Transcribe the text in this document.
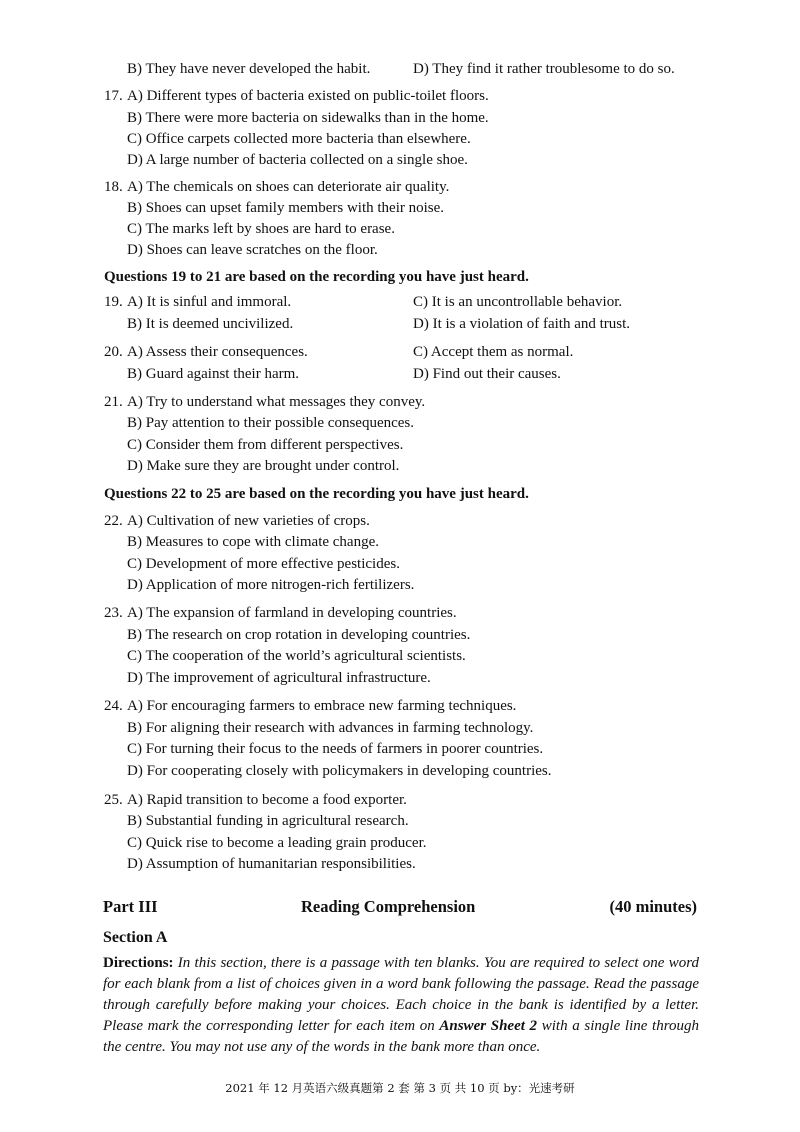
B) They have never developed the habit.	D) They find it rather troublesome to do so.
17. A) Different types of bacteria existed on public-toilet floors.
B) There were more bacteria on sidewalks than in the home.
C) Office carpets collected more bacteria than elsewhere.
D) A large number of bacteria collected on a single shoe.
18. A) The chemicals on shoes can deteriorate air quality.
B) Shoes can upset family members with their noise.
C) The marks left by shoes are hard to erase.
D) Shoes can leave scratches on the floor.
Questions 19 to 21 are based on the recording you have just heard.
19. A) It is sinful and immoral.
B) It is deemed uncivilized.
C) It is an uncontrollable behavior.
D) It is a violation of faith and trust.
20. A) Assess their consequences.
B) Guard against their harm.
C) Accept them as normal.
D) Find out their causes.
21. A) Try to understand what messages they convey.
B) Pay attention to their possible consequences.
C) Consider them from different perspectives.
D) Make sure they are brought under control.
Questions 22 to 25 are based on the recording you have just heard.
22. A) Cultivation of new varieties of crops.
B) Measures to cope with climate change.
C) Development of more effective pesticides.
D) Application of more nitrogen-rich fertilizers.
23. A) The expansion of farmland in developing countries.
B) The research on crop rotation in developing countries.
C) The cooperation of the world’s agricultural scientists.
D) The improvement of agricultural infrastructure.
24. A) For encouraging farmers to embrace new farming techniques.
B) For aligning their research with advances in farming technology.
C) For turning their focus to the needs of farmers in poorer countries.
D) For cooperating closely with policymakers in developing countries.
25. A) Rapid transition to become a food exporter.
B) Substantial funding in agricultural research.
C) Quick rise to become a leading grain producer.
D) Assumption of humanitarian responsibilities.
Part III	Reading Comprehension	(40 minutes)
Section A
Directions: In this section, there is a passage with ten blanks. You are required to select one word for each blank from a list of choices given in a word bank following the passage. Read the passage through carefully before making your choices. Each choice in the bank is identified by a letter. Please mark the corresponding letter for each item on Answer Sheet 2 with a single line through the centre. You may not use any of the words in the bank more than once.
2021 年 12 月英语六级真题第 2 套 第 3 页 共 10 页 by：光速考研
